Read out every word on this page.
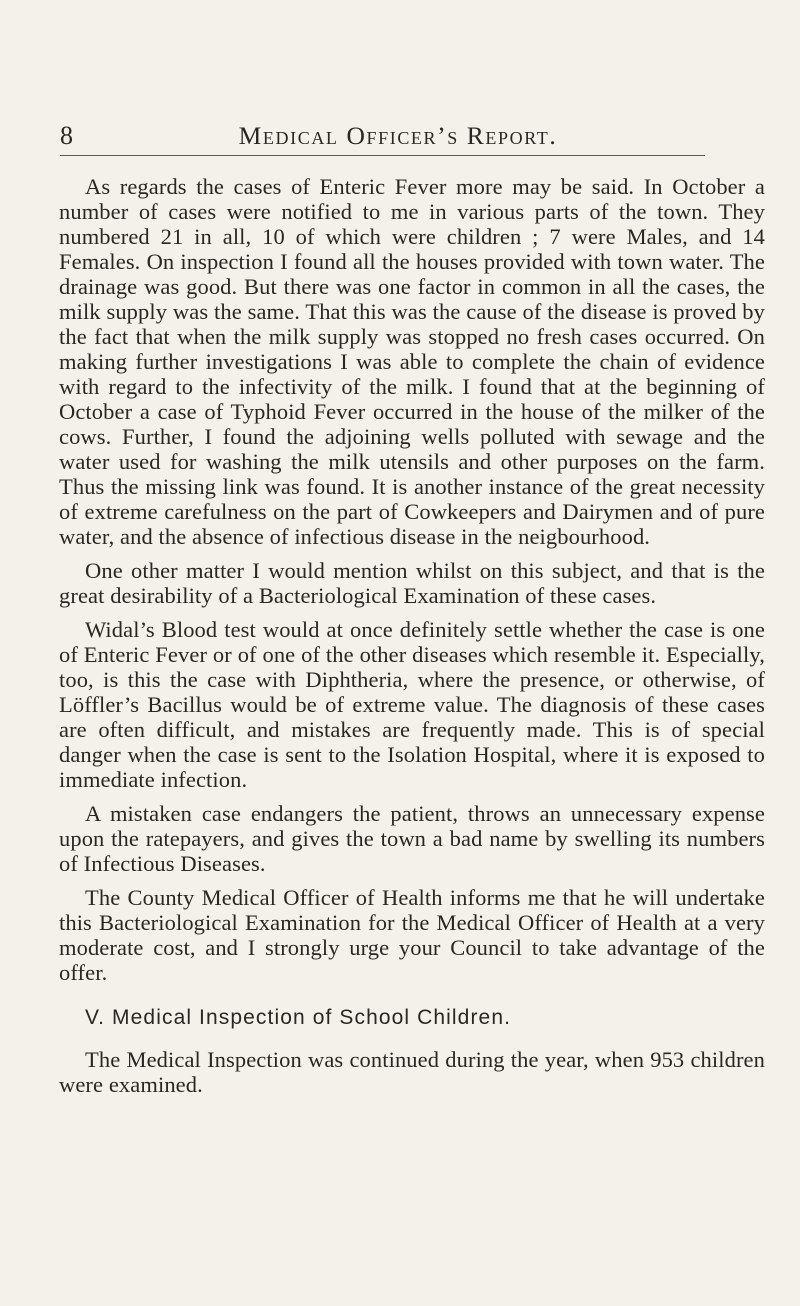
8	Medical Officer’s Report.

As regards the cases of Enteric Fever more may be said. In October a number of cases were notified to me in various parts of the town. They numbered 21 in all, 10 of which were children ; 7 were Males, and 14 Females. On inspection I found all the houses provided with town water. The drainage was good. But there was one factor in common in all the cases, the milk supply was the same. That this was the cause of the disease is proved by the fact that when the milk supply was stopped no fresh cases occurred. On making further investigations I was able to complete the chain of evidence with regard to the infectivity of the milk. I found that at the beginning of October a case of Typhoid Fever occurred in the house of the milker of the cows. Further, I found the adjoining wells polluted with sewage and the water used for washing the milk utensils and other purposes on the farm. Thus the missing link was found. It is another instance of the great necessity of extreme carefulness on the part of Cowkeepers and Dairymen and of pure water, and the absence of infectious disease in the neigbourhood.

One other matter I would mention whilst on this subject, and that is the great desirability of a Bacteriological Examination of these cases.

Widal’s Blood test would at once definitely settle whether the case is one of Enteric Fever or of one of the other diseases which resemble it. Especially, too, is this the case with Diphtheria, where the presence, or otherwise, of Löffler’s Bacillus would be of extreme value. The diagnosis of these cases are often difficult, and mistakes are frequently made. This is of special danger when the case is sent to the Isolation Hospital, where it is exposed to immediate infection.

A mistaken case endangers the patient, throws an unnecessary expense upon the ratepayers, and gives the town a bad name by swelling its numbers of Infectious Diseases.

The County Medical Officer of Health informs me that he will undertake this Bacteriological Examination for the Medical Officer of Health at a very moderate cost, and I strongly urge your Council to take advantage of the offer.

V. Medical Inspection of School Children.

The Medical Inspection was continued during the year, when 953 children were examined.
